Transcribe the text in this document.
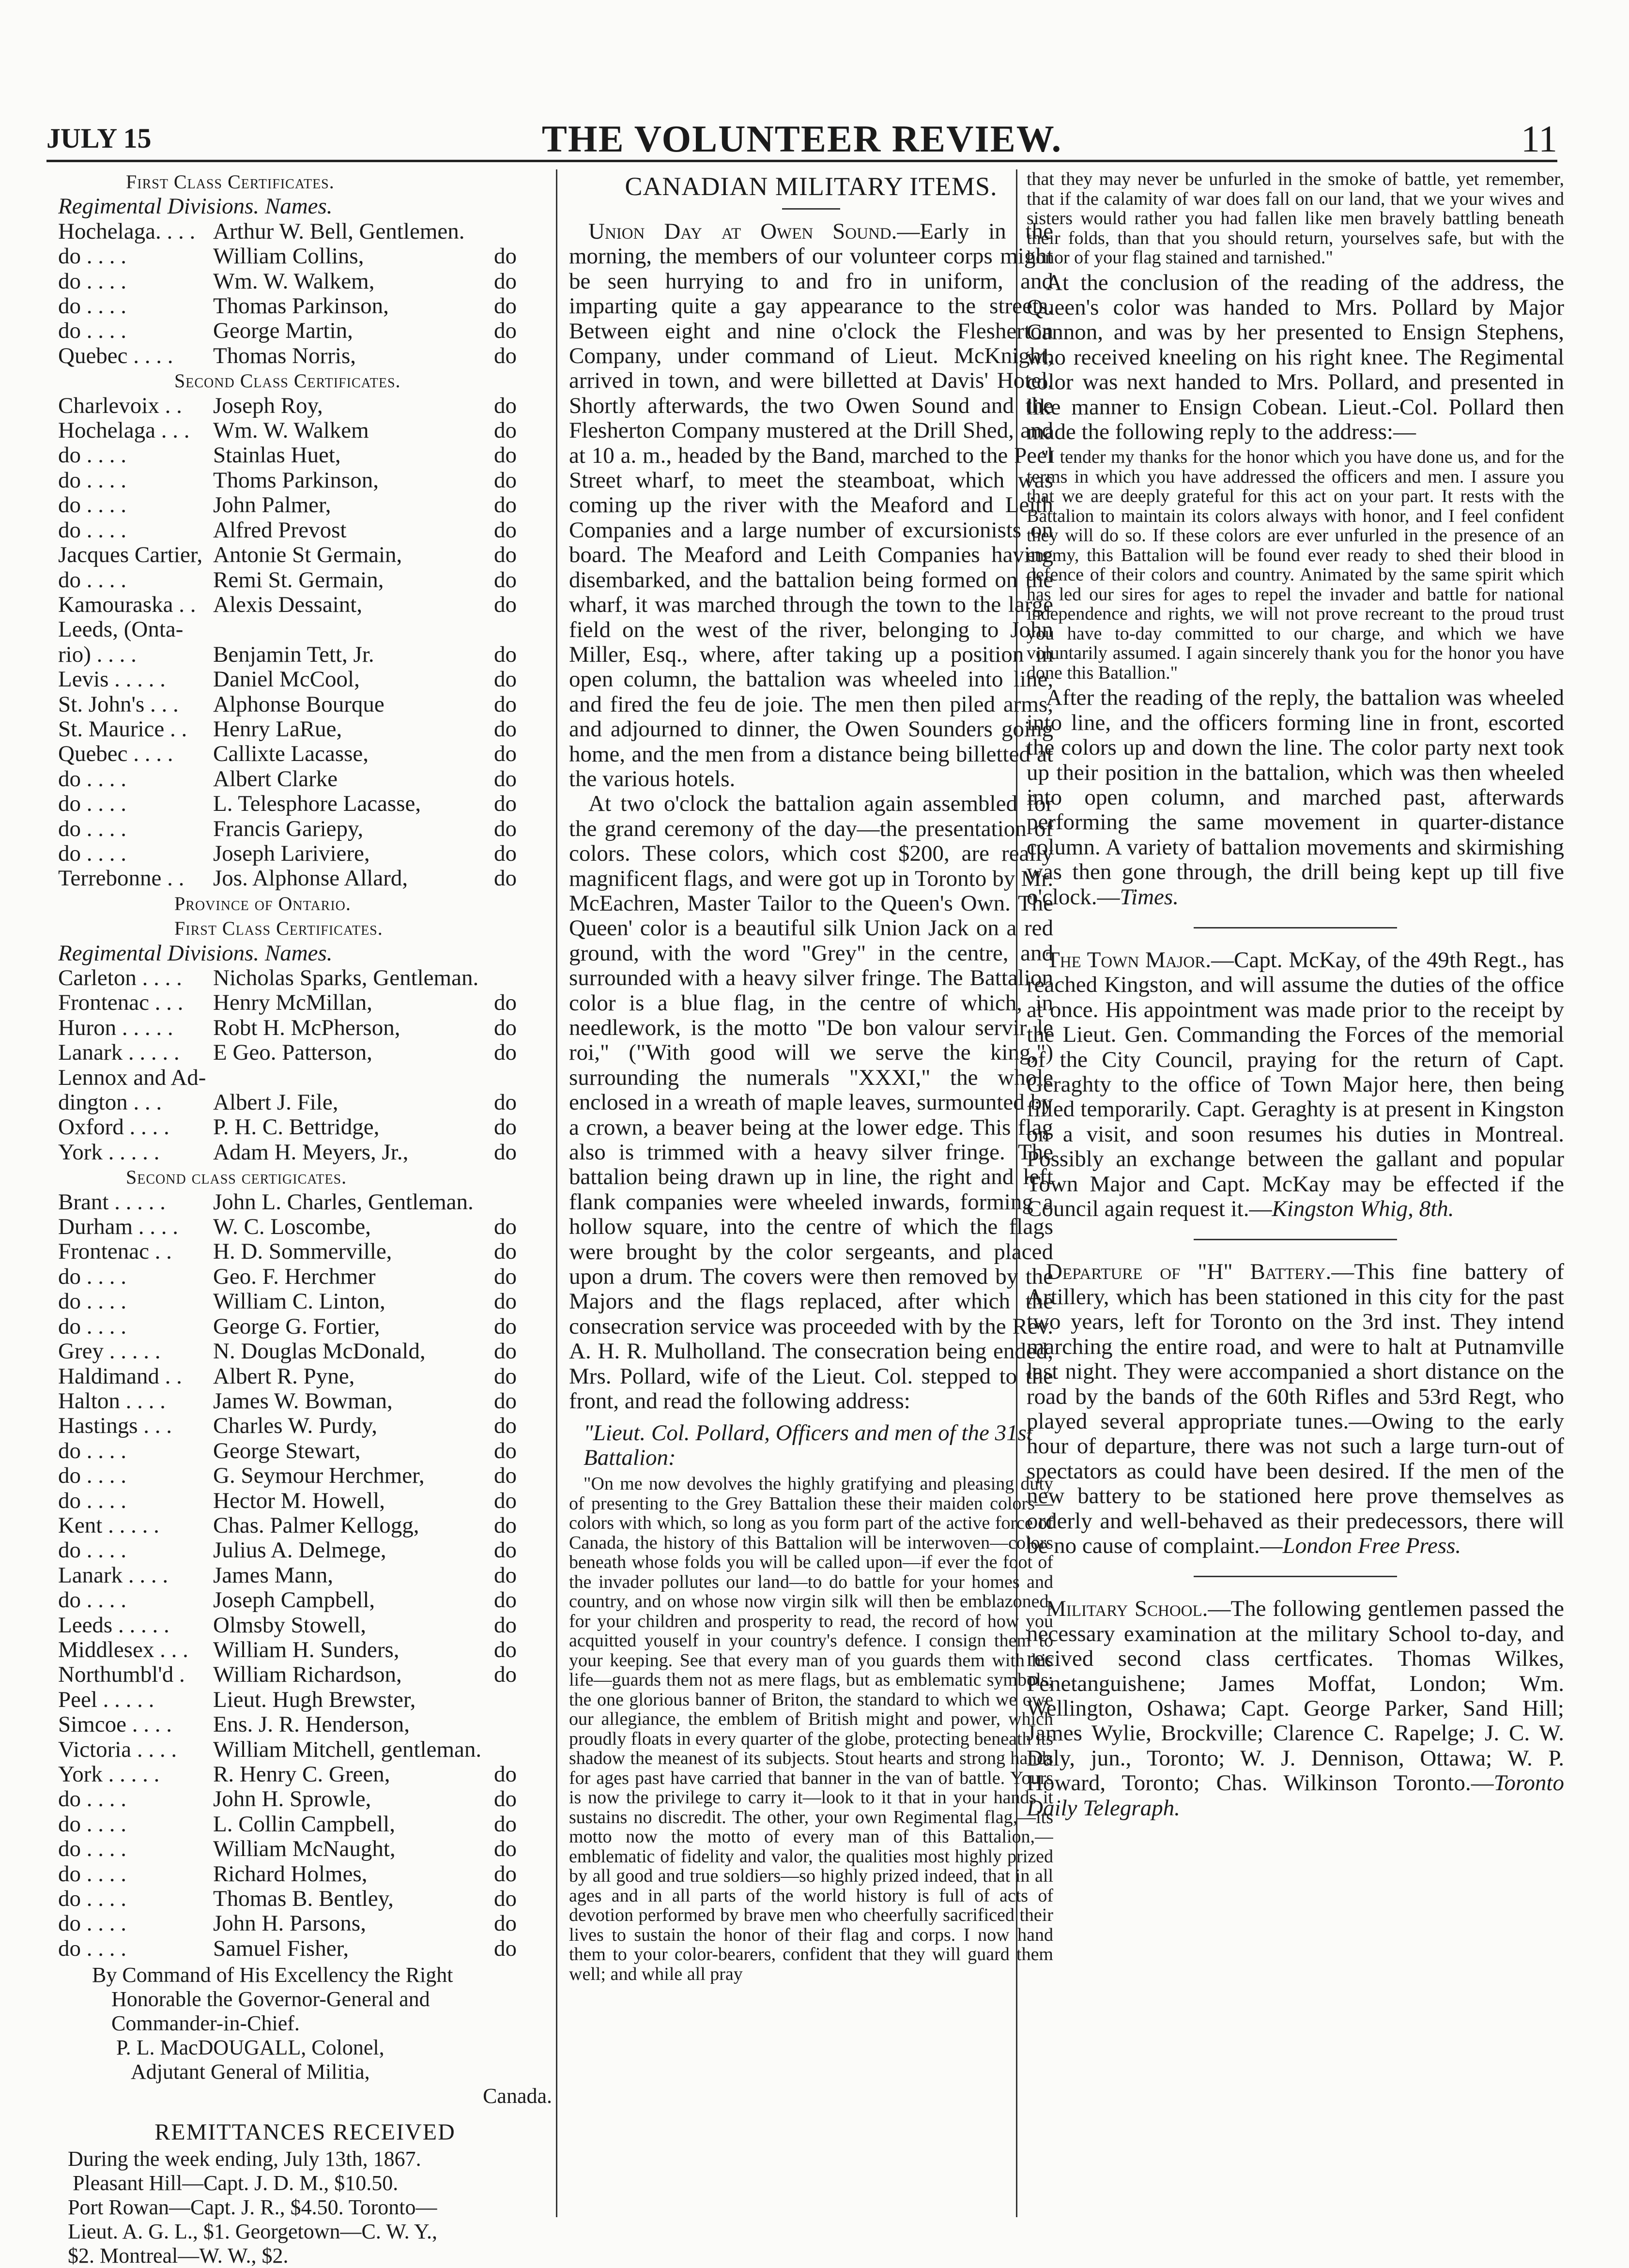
JULY 15	THE VOLUNTEER REVIEW.	11
First Class Certificates.
Regimental Divisions. Names.
Hochelaga. . . . Arthur W. Bell, Gentlemen.
do . . . .	William Collins,	do
do . . . .	Wm. W. Walkem,	do
do . . . .	Thomas Parkinson,	do
do . . . .	George Martin,	do
Quebec . . . .	Thomas Norris,	do
Second Class Certificates.
Charlevoix . .	Joseph Roy,	do
Hochelaga . . .	Wm. W. Walkem	do
do . . . .	Stainlas Huet,	do
do . . . .	Thoms Parkinson,	do
do . . . .	John Palmer,	do
do . . . .	Alfred Prevost	do
Jacques Cartier, Antonie St Germain,	do
do . . . .	Remi St. Germain,	do
Kamouraska . . Alexis Dessaint,	do
Leeds, (Onta-
rio) . . . .	Benjamin Tett, Jr.	do
Levis . . . . .	Daniel McCool,	do
St. John's . . .	Alphonse Bourque	do
St. Maurice . .	Henry LaRue,	do
Quebec . . . .	Callixte Lacasse,	do
do . . . .	Albert Clarke	do
do . . . .	L. Telesphore Lacasse,	do
do . . . .	Francis Gariepy,	do
do . . . .	Joseph Lariviere,	do
Terrebonne . .	Jos. Alphonse Allard,	do
Province of Ontario.
First Class Certificates.
Regimental Divisions. Names.
Carleton . . . .	Nicholas Sparks, Gentleman.
Frontenac . . .	Henry McMillan,	do
Huron . . . . .	Robt H. McPherson,	do
Lanark . . . . .	E Geo. Patterson,	do
Lennox and Ad-
dington . . .	Albert J. File,	do
Oxford . . . .	P. H. C. Bettridge,	do
York . . . . .	Adam H. Meyers, Jr.,	do
Second class certigicates.
Brant . . . . .	John L. Charles, Gentleman.
Durham . . . .	W. C. Loscombe,	do
Frontenac . .	H. D. Sommerville,	do
do . . . .	Geo. F. Herchmer	do
do . . . .	William C. Linton,	do
do . . . .	George G. Fortier,	do
Grey . . . . .	N. Douglas McDonald,	do
Haldimand . .	Albert R. Pyne,	do
Halton . . . .	James W. Bowman,	do
Hastings . . .	Charles W. Purdy,	do
do . . . .	George Stewart,	do
do . . . .	G. Seymour Herchmer,	do
do . . . .	Hector M. Howell,	do
Kent . . . . .	Chas. Palmer Kellogg,	do
do . . . .	Julius A. Delmege,	do
Lanark . . . .	James Mann,	do
do . . . .	Joseph Campbell,	do
Leeds . . . . .	Olmsby Stowell,	do
Middlesex . . .	William H. Sunders,	do
Northumbl'd .	William Richardson,	do
Peel . . . . .	Lieut. Hugh Brewster,
Simcoe . . . .	Ens. J. R. Henderson,
Victoria . . . .	William Mitchell, gentleman.
York . . . . .	R. Henry C. Green,	do
do . . . .	John H. Sprowle,	do
do . . . .	L. Collin Campbell,	do
do . . . .	William McNaught,	do
do . . . .	Richard Holmes,	do
do . . . .	Thomas B. Bentley,	do
do . . . .	John H. Parsons,	do
do . . . .	Samuel Fisher,	do
By Command of His Excellency the Right
Honorable the Governor-General and
Commander-in-Chief.
P. L. MacDOUGALL, Colonel,
Adjutant General of Militia,
Canada.
REMITTANCES RECEIVED
During the week ending, July 13th, 1867.
Pleasant Hill—Capt. J. D. M., $10.50.
Port Rowan—Capt. J. R., $4.50. Toronto—
Lieut. A. G. L., $1. Georgetown—C. W. Y.,
$2. Montreal—W. W., $2.
CANADIAN MILITARY ITEMS.

Union Day at Owen Sound.—Early in the morning, the members of our volunteer corps might be seen hurrying to and fro in uniform, and imparting quite a gay appearance to the streets. Between eight and nine o'clock the Flesherton Company, under command of Lieut. McKnight, arrived in town, and were billetted at Davis' Hotel. Shortly afterwards, the two Owen Sound and the Flesherton Company mustered at the Drill Shed, and at 10 a. m., headed by the Band, marched to the Peel Street wharf, to meet the steamboat, which was coming up the river with the Meaford and Leith Companies and a large number of excursionists on board. The Meaford and Leith Companies having disembarked, and the battalion being formed on the wharf, it was marched through the town to the large field on the west of the river, belonging to John Miller, Esq., where, after taking up a position in open column, the battalion was wheeled into line, and fired the feu de joie. The men then piled arms, and adjourned to dinner, the Owen Sounders going home, and the men from a distance being billetted at the various hotels.

At two o'clock the battalion again assembled for the grand ceremony of the day—the presentation of colors. These colors, which cost $200, are really magnificent flags, and were got up in Toronto by Mr. McEachren, Master Tailor to the Queen's Own. The Queen' color is a beautiful silk Union Jack on a red ground, with the word "Grey" in the centre, and surrounded with a heavy silver fringe. The Battalion color is a blue flag, in the centre of which, in needlework, is the motto "De bon valour servir le roi," ("With good will we serve the king,") surrounding the numerals "XXXI," the whole enclosed in a wreath of maple leaves, surmounted by a crown, a beaver being at the lower edge. This flag also is trimmed with a heavy silver fringe. The battalion being drawn up in line, the right and left flank companies were wheeled inwards, forming a hollow square, into the centre of which the flags were brought by the color sergeants, and placed upon a drum. The covers were then removed by the Majors and the flags replaced, after which the consecration service was proceeded with by the Rev. A. H. R. Mulholland. The consecration being ended, Mrs. Pollard, wife of the Lieut. Col. stepped to the front, and read the following address:

"Lieut. Col. Pollard, Officers and men of the 31st Battalion:

"On me now devolves the highly gratifying and pleasing duty of presenting to the Grey Battalion these their maiden colors—colors with which, so long as you form part of the active force of Canada, the history of this Battalion will be interwoven—colors beneath whose folds you will be called upon—if ever the foot of the invader pollutes our land—to do battle for your homes and country, and on whose now virgin silk will then be emblazoned, for your children and prosperity to read, the record of how you acquitted youself in your country's defence. I consign them to your keeping. See that every man of you guards them with his life—guards them not as mere flags, but as emblematic symbols; the one glorious banner of Briton, the standard to which we owe our allegiance, the emblem of British might and power, which proudly floats in every quarter of the globe, protecting beneath its shadow the meanest of its subjects. Stout hearts and strong hands for ages past have carried that banner in the van of battle. Yours is now the privilege to carry it—look to it that in your hands it sustains no discredit. The other, your own Regimental flag,—its motto now the motto of every man of this Battalion,—emblematic of fidelity and valor, the qualities most highly prized by all good and true soldiers—so highly prized indeed, that in all ages and in all parts of the world history is full of acts of devotion performed by brave men who cheerfully sacrificed their lives to sustain the honor of their flag and corps. I now hand them to your color-bearers, confident that they will guard them well; and while all pray

that they may never be unfurled in the smoke of battle, yet remember, that if the calamity of war does fall on our land, that we your wives and sisters would rather you had fallen like men bravely battling beneath their folds, than that you should return, yourselves safe, but with the honor of your flag stained and tarnished."

At the conclusion of the reading of the address, the Queen's color was handed to Mrs. Pollard by Major Cannon, and was by her presented to Ensign Stephens, who received kneeling on his right knee. The Regimental color was next handed to Mrs. Pollard, and presented in like manner to Ensign Cobean. Lieut.-Col. Pollard then made the following reply to the address:—

"I tender my thanks for the honor which you have done us, and for the terms in which you have addressed the officers and men. I assure you that we are deeply grateful for this act on your part. It rests with the Battalion to maintain its colors always with honor, and I feel confident they will do so. If these colors are ever unfurled in the presence of an enemy, this Battalion will be found ever ready to shed their blood in defence of their colors and country. Animated by the same spirit which has led our sires for ages to repel the invader and battle for national independence and rights, we will not prove recreant to the proud trust you have to-day committed to our charge, and which we have voluntarily assumed. I again sincerely thank you for the honor you have done this Batallion."

After the reading of the reply, the battalion was wheeled into line, and the officers forming line in front, escorted the colors up and down the line. The color party next took up their position in the battalion, which was then wheeled into open column, and marched past, afterwards performing the same movement in quarter-distance column. A variety of battalion movements and skirmishing was then gone through, the drill being kept up till five o'clock.—Times.

The Town Major.—Capt. McKay, of the 49th Regt., has reached Kingston, and will assume the duties of the office at once. His appointment was made prior to the receipt by the Lieut. Gen. Commanding the Forces of the memorial of the City Council, praying for the return of Capt. Geraghty to the office of Town Major here, then being filled temporarily. Capt. Geraghty is at present in Kingston on a visit, and soon resumes his duties in Montreal. Possibly an exchange between the gallant and popular Town Major and Capt. McKay may be effected if the Council again request it.—Kingston Whig, 8th.

Departure of "H" Battery.—This fine battery of Artillery, which has been stationed in this city for the past two years, left for Toronto on the 3rd inst. They intend marching the entire road, and were to halt at Putnamville last night. They were accompanied a short distance on the road by the bands of the 60th Rifles and 53rd Regt, who played several appropriate tunes.—Owing to the early hour of departure, there was not such a large turn-out of spectators as could have been desired. If the men of the new battery to be stationed here prove themselves as orderly and well-behaved as their predecessors, there will be no cause of complaint.—London Free Press.

Military School.—The following gentlemen passed the necessary examination at the military School to-day, and recived second class certficates. Thomas Wilkes, Penetanguishene; James Moffat, London; Wm. Wellington, Oshawa; Capt. George Parker, Sand Hill; James Wylie, Brockville; Clarence C. Rapelge; J. C. W. Daly, jun., Toronto; W. J. Dennison, Ottawa; W. P. Howard, Toronto; Chas. Wilkinson Toronto.—Toronto Daily Telegraph.
